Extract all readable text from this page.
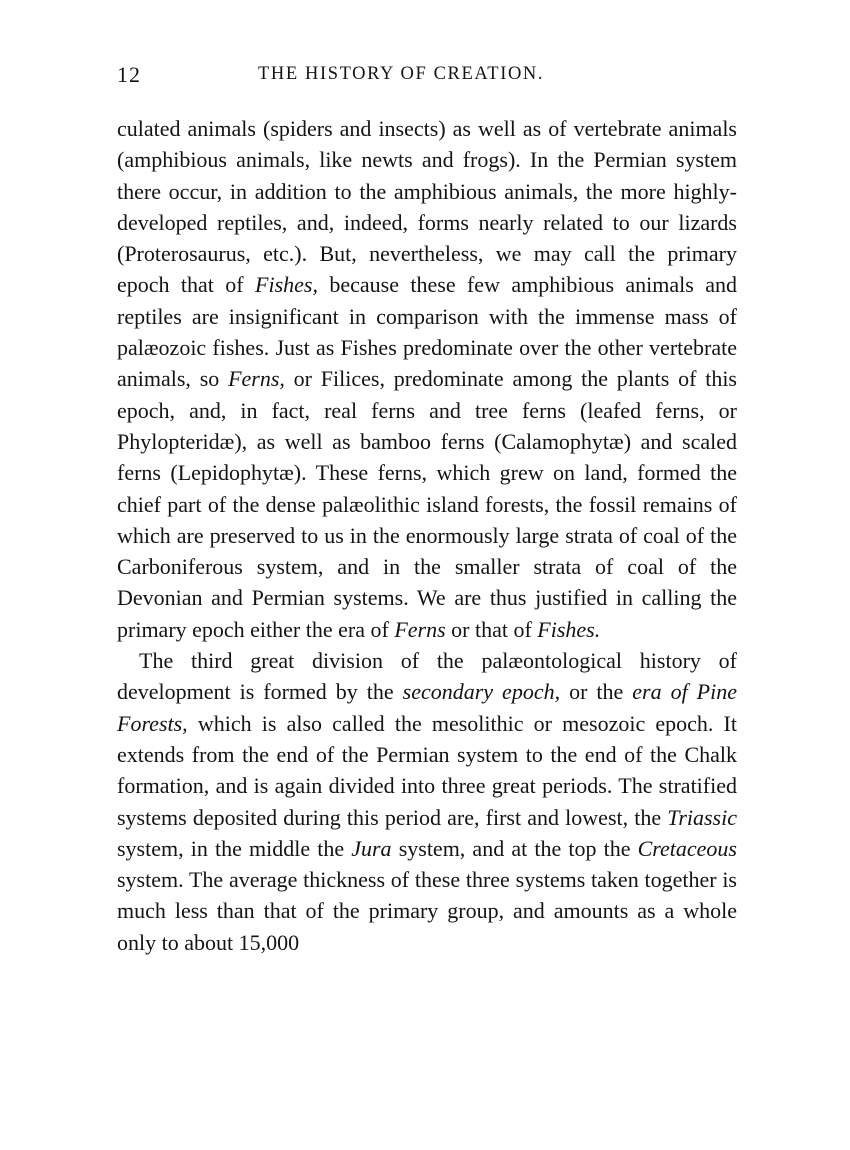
12	THE HISTORY OF CREATION.

culated animals (spiders and insects) as well as of vertebrate animals (amphibious animals, like newts and frogs). In the Permian system there occur, in addition to the amphibious animals, the more highly-developed reptiles, and, indeed, forms nearly related to our lizards (Proterosaurus, etc.). But, nevertheless, we may call the primary epoch that of Fishes, because these few amphibious animals and reptiles are insignificant in comparison with the immense mass of palæozoic fishes. Just as Fishes predominate over the other vertebrate animals, so Ferns, or Filices, predominate among the plants of this epoch, and, in fact, real ferns and tree ferns (leafed ferns, or Phylopteridæ), as well as bamboo ferns (Calamophytæ) and scaled ferns (Lepidophytæ). These ferns, which grew on land, formed the chief part of the dense palæolithic island forests, the fossil remains of which are preserved to us in the enormously large strata of coal of the Carboniferous system, and in the smaller strata of coal of the Devonian and Permian systems. We are thus justified in calling the primary epoch either the era of Ferns or that of Fishes.

The third great division of the palæontological history of development is formed by the secondary epoch, or the era of Pine Forests, which is also called the mesolithic or mesozoic epoch. It extends from the end of the Permian system to the end of the Chalk formation, and is again divided into three great periods. The stratified systems deposited during this period are, first and lowest, the Triassic system, in the middle the Jura system, and at the top the Cretaceous system. The average thickness of these three systems taken together is much less than that of the primary group, and amounts as a whole only to about 15,000
